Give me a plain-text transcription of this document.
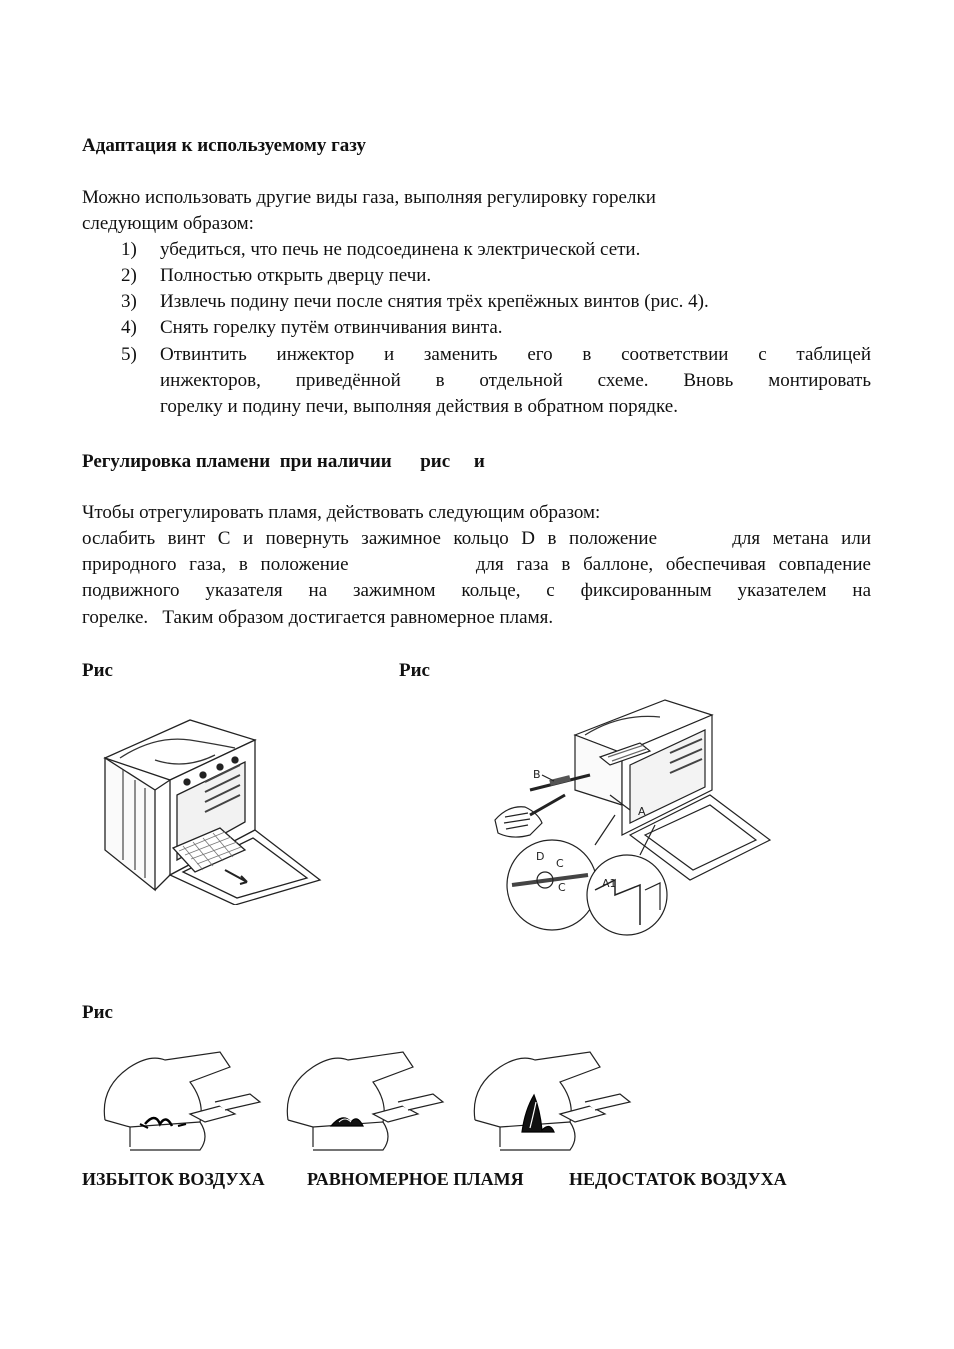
Адаптация к используемому газу
Можно использовать другие виды газа, выполняя регулировку горелки
следующим образом:
1) убедиться, что печь не подсоединена к электрической сети.
2) Полностью открыть дверцу печи.
3) Извлечь подину печи после снятия трёх крепёжных винтов (рис. 4).
4) Снять горелку путём отвинчивания винта.
5) Отвинтить инжектор и заменить его в соответствии с таблицей
инжекторов, приведённой в отдельной схеме. Вновь монтировать
горелку и подину печи, выполняя действия в обратном порядке.
Регулировка пламени  при наличии      рис     и
Чтобы отрегулировать пламя, действовать следующим образом:
ослабить винт С и повернуть зажимное кольцо D в положение      для метана или
природного газа, в положение          для газа в баллоне, обеспечивая совпадение
подвижного указателя на зажимном кольце, с фиксированным указателем на
горелке.   Таким образом достигается равномерное пламя.
Рис	Рис
B
A
D
C
C	A1
Рис
ИЗБЫТОК ВОЗДУХА РАВНОМЕРНОЕ ПЛАМЯ	НЕДОСТАТОК ВОЗДУХА
